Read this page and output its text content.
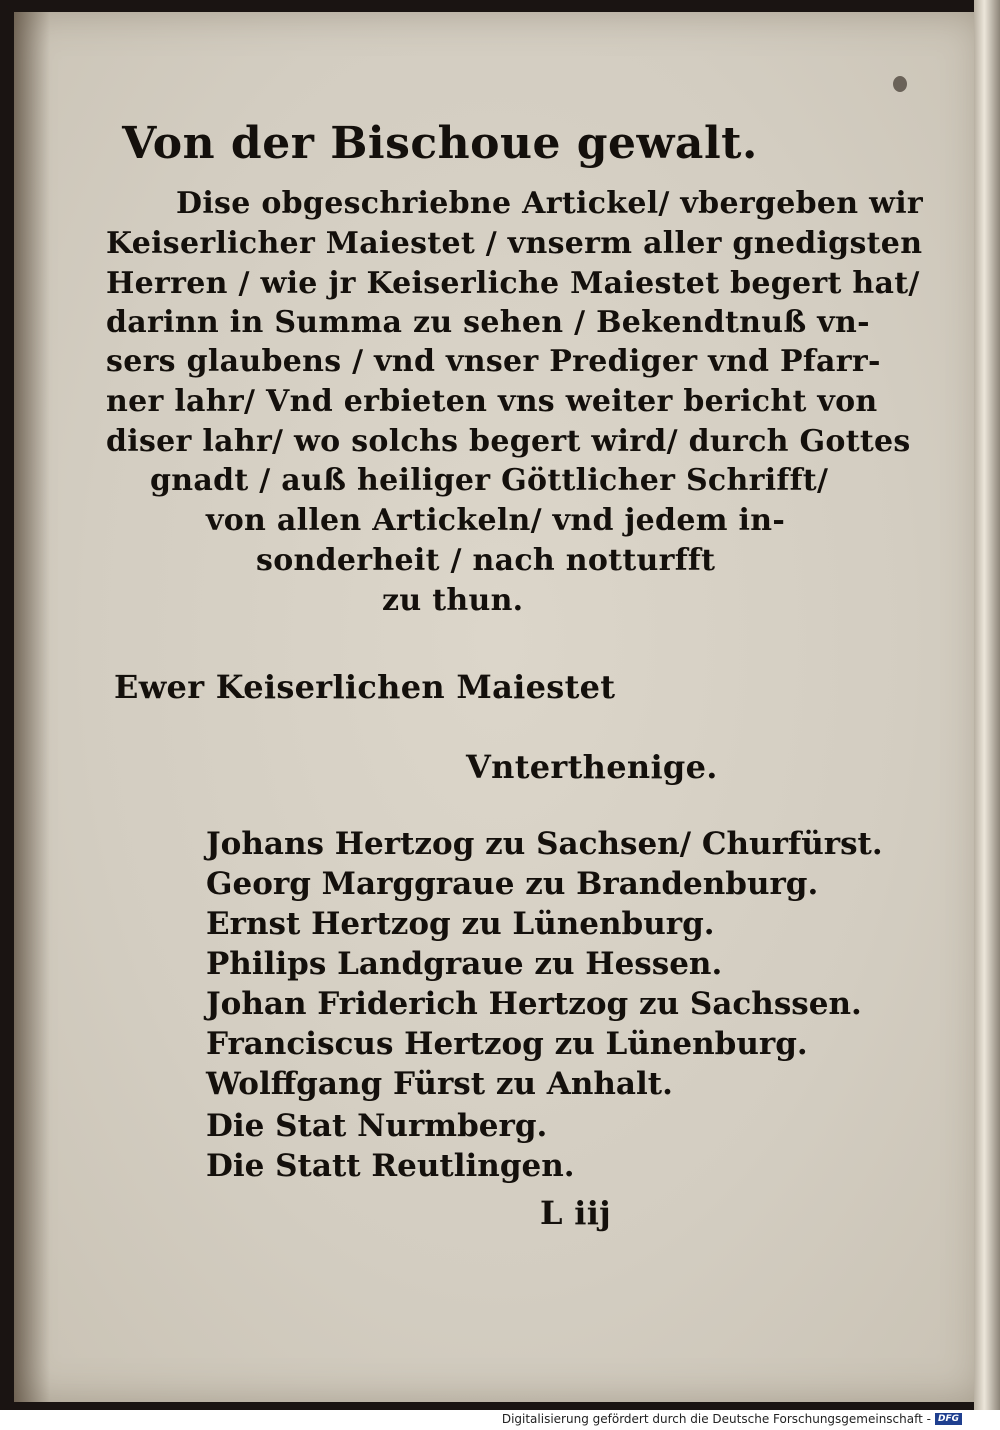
Von der Bischoue gewalt.
Dise obgeschriebne Artickel/ vbergeben wir
Keiserlicher Maiestet / vnserm aller gnedigsten
Herren / wie jr Keiserliche Maiestet begert hat/
darinn in Summa zu sehen / Bekendtnuß vn-
sers glaubens / vnd vnser Prediger vnd Pfarr-
ner lahr/ Vnd erbieten vns weiter bericht von
diser lahr/ wo solchs begert wird/ durch Gottes
gnadt / auß heiliger Göttlicher Schrifft/
von allen Artickeln/ vnd jedem in-
sonderheit / nach notturfft
zu thun.
Ewer Keiserlichen Maiestet
Vnterthenige.
Johans Hertzog zu Sachsen/ Churfürst.
Georg Marggraue zu Brandenburg.
Ernst Hertzog zu Lünenburg.
Philips Landgraue zu Hessen.
Johan Friderich Hertzog zu Sachssen.
Franciscus Hertzog zu Lünenburg.
Wolffgang Fürst zu Anhalt.
Die Stat Nurmberg.
Die Statt Reutlingen.
L iij
Digitalisierung gefördert durch die Deutsche Forschungsgemeinschaft - DFG
